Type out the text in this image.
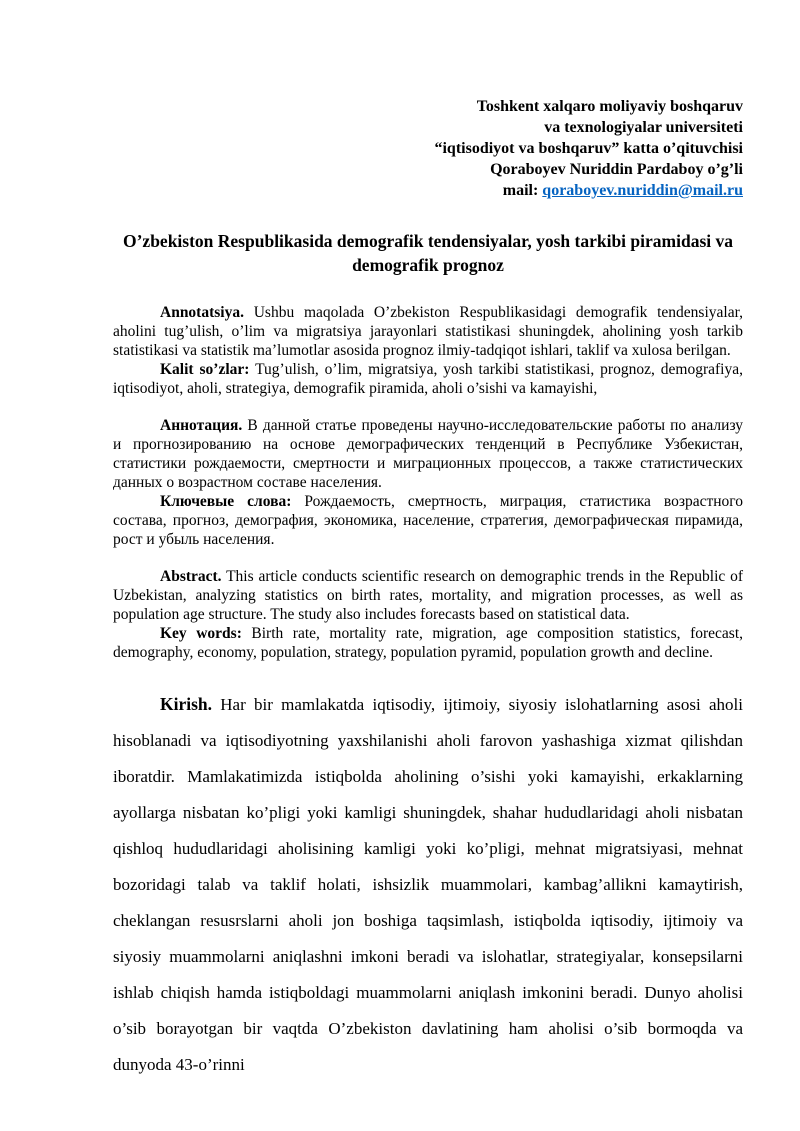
Toshkent xalqaro moliyaviy boshqaruv
va texnologiyalar universiteti
“iqtisodiyot va boshqaruv” katta o’qituvchisi
Qoraboyev Nuriddin Pardaboy o’g’li
mail: qoraboyev.nuriddin@mail.ru
O’zbekiston Respublikasida demografik tendensiyalar, yosh tarkibi piramidasi va demografik prognoz

Annotatsiya. Ushbu maqolada O’zbekiston Respublikasidagi demografik tendensiyalar, aholini tug’ulish, o’lim va migratsiya jarayonlari statistikasi shuningdek, aholining yosh tarkib statistikasi va statistik ma’lumotlar asosida prognoz ilmiy-tadqiqot ishlari, taklif va xulosa berilgan.

Kalit so’zlar: Tug’ulish, o’lim, migratsiya, yosh tarkibi statistikasi, prognoz, demografiya, iqtisodiyot, aholi, strategiya, demografik piramida, aholi o’sishi va kamayishi,

Аннотация. В данной статье проведены научно-исследовательские работы по анализу и прогнозированию на основе демографических тенденций в Республике Узбекистан, статистики рождаемости, смертности и миграционных процессов, а также статистических данных о возрастном составе населения.

Ключевые слова: Рождаемость, смертность, миграция, статистика возрастного состава, прогноз, демография, экономика, население, стратегия, демографическая пирамида, рост и убыль населения.

Abstract. This article conducts scientific research on demographic trends in the Republic of Uzbekistan, analyzing statistics on birth rates, mortality, and migration processes, as well as population age structure. The study also includes forecasts based on statistical data.

Key words: Birth rate, mortality rate, migration, age composition statistics, forecast, demography, economy, population, strategy, population pyramid, population growth and decline.

Kirish. Har bir mamlakatda iqtisodiy, ijtimoiy, siyosiy islohatlarning asosi aholi hisoblanadi va iqtisodiyotning yaxshilanishi aholi farovon yashashiga xizmat qilishdan iboratdir. Mamlakatimizda istiqbolda aholining o’sishi yoki kamayishi, erkaklarning ayollarga nisbatan ko’pligi yoki kamligi shuningdek, shahar hududlaridagi aholi nisbatan qishloq hududlaridagi aholisining kamligi yoki ko’pligi, mehnat migratsiyasi, mehnat bozoridagi talab va taklif holati, ishsizlik muammolari, kambag’allikni kamaytirish, cheklangan resusrslarni aholi jon boshiga taqsimlash, istiqbolda iqtisodiy, ijtimoiy va siyosiy muammolarni aniqlashni imkoni beradi va islohatlar, strategiyalar, konsepsilarni ishlab chiqish hamda istiqboldagi muammolarni aniqlash imkonini beradi. Dunyo aholisi o’sib borayotgan bir vaqtda O’zbekiston davlatining ham aholisi o’sib bormoqda va dunyoda 43-o’rinni
